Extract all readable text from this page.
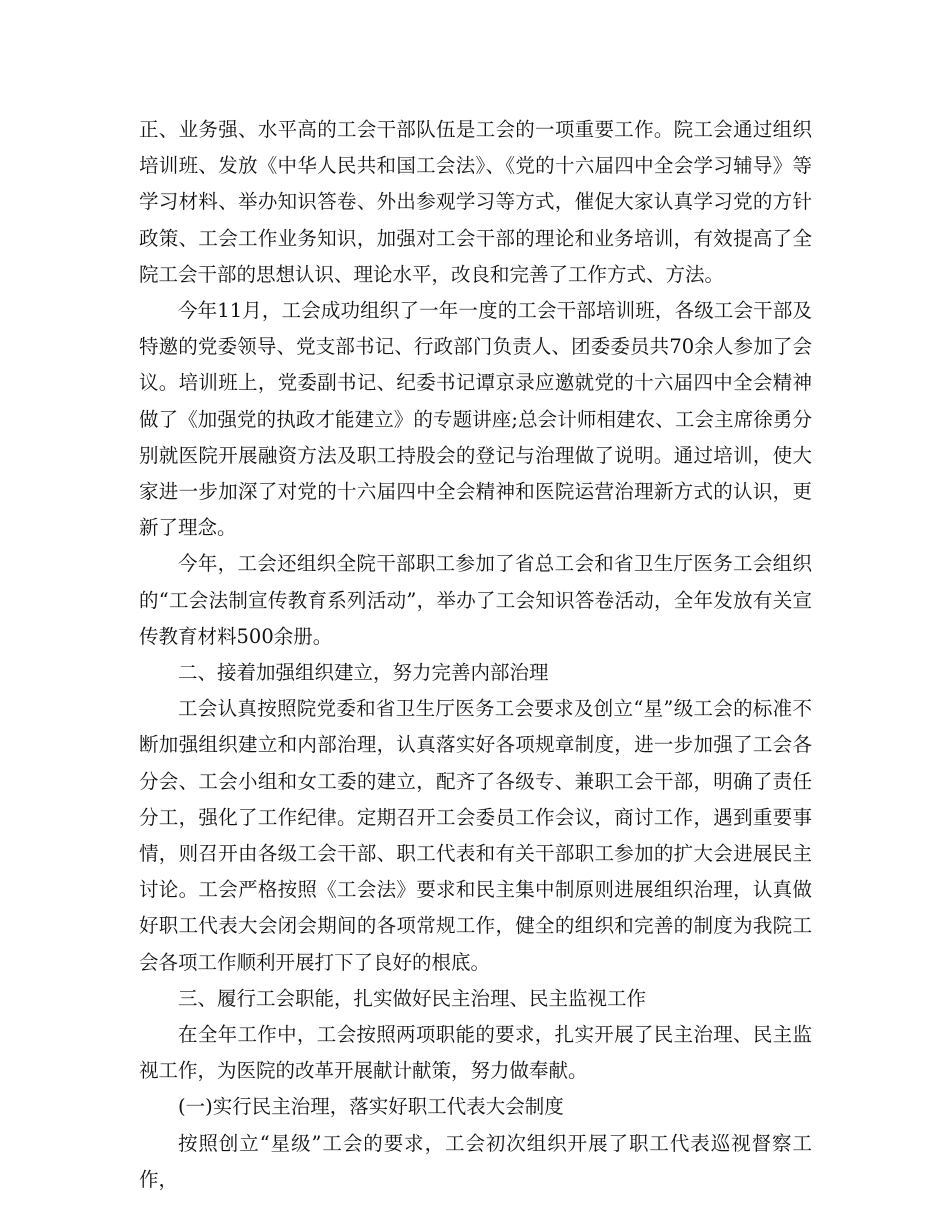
正、业务强、水平高的工会干部队伍是工会的一项重要工作。院工会通过组织培训班、发放《中华人民共和国工会法》、《党的十六届四中全会学习辅导》等学习材料、举办知识答卷、外出参观学习等方式，催促大家认真学习党的方针政策、工会工作业务知识，加强对工会干部的理论和业务培训，有效提高了全院工会干部的思想认识、理论水平，改良和完善了工作方式、方法。

今年11月，工会成功组织了一年一度的工会干部培训班，各级工会干部及特邀的党委领导、党支部书记、行政部门负责人、团委委员共70余人参加了会议。培训班上，党委副书记、纪委书记谭京录应邀就党的十六届四中全会精神做了《加强党的执政才能建立》的专题讲座;总会计师相建农、工会主席徐勇分别就医院开展融资方法及职工持股会的登记与治理做了说明。通过培训，使大家进一步加深了对党的十六届四中全会精神和医院运营治理新方式的认识，更新了理念。

今年，工会还组织全院干部职工参加了省总工会和省卫生厅医务工会组织的“工会法制宣传教育系列活动”，举办了工会知识答卷活动，全年发放有关宣传教育材料500余册。

二、接着加强组织建立，努力完善内部治理

工会认真按照院党委和省卫生厅医务工会要求及创立“星”级工会的标准不断加强组织建立和内部治理，认真落实好各项规章制度，进一步加强了工会各分会、工会小组和女工委的建立，配齐了各级专、兼职工会干部，明确了责任分工，强化了工作纪律。定期召开工会委员工作会议，商讨工作，遇到重要事情，则召开由各级工会干部、职工代表和有关干部职工参加的扩大会进展民主讨论。工会严格按照《工会法》要求和民主集中制原则进展组织治理，认真做好职工代表大会闭会期间的各项常规工作，健全的组织和完善的制度为我院工会各项工作顺利开展打下了良好的根底。

三、履行工会职能，扎实做好民主治理、民主监视工作

在全年工作中，工会按照两项职能的要求，扎实开展了民主治理、民主监视工作，为医院的改革开展献计献策，努力做奉献。

(一)实行民主治理，落实好职工代表大会制度

按照创立“星级”工会的要求，工会初次组织开展了职工代表巡视督察工作，
